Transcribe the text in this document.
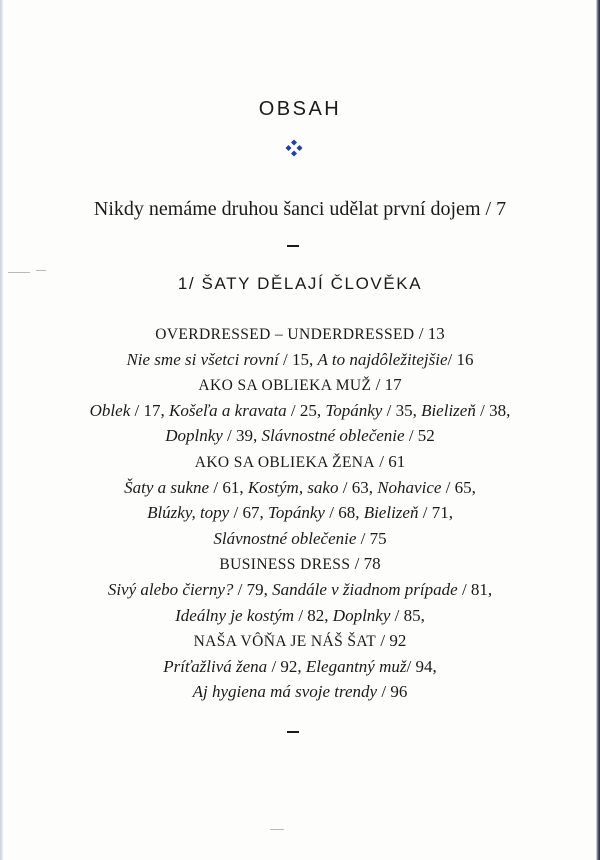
OBSAH
Nikdy nemáme druhou šanci udělat první dojem / 7
1/ ŠATY DĚLAJÍ ČLOVĚKA
OVERDRESSED – UNDERDRESSED / 13
Nie sme si všetci rovní / 15, A to najdôležitejšie/ 16
AKO SA OBLIEKA MUŽ / 17
Oblek / 17, Košeľa a kravata / 25, Topánky / 35, Bielizeň / 38,
Doplnky / 39, Slávnostné oblečenie / 52
AKO SA OBLIEKA ŽENA / 61
Šaty a sukne / 61, Kostým, sako / 63, Nohavice / 65,
Blúzky, topy / 67, Topánky / 68, Bielizeň / 71,
Slávnostné oblečenie / 75
BUSINESS DRESS / 78
Sivý alebo čierny? / 79, Sandále v žiadnom prípade / 81,
Ideálny je kostým / 82, Doplnky / 85,
NAŠA VÔŇA JE NÁŠ ŠAT / 92
Príťažlivá žena / 92, Elegantný muž/ 94,
Aj hygiena má svoje trendy / 96
